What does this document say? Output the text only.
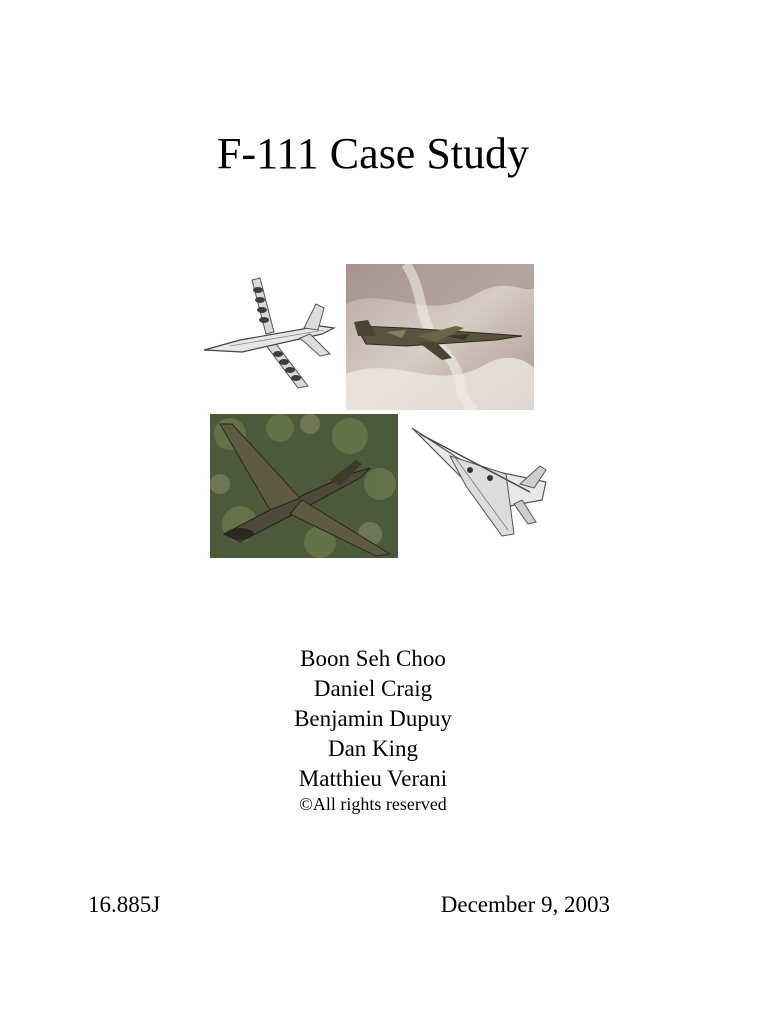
F-111 Case Study
Boon Seh Choo
Daniel Craig
Benjamin Dupuy
Dan King
Matthieu Verani
©All rights reserved
16.885J	December 9, 2003
